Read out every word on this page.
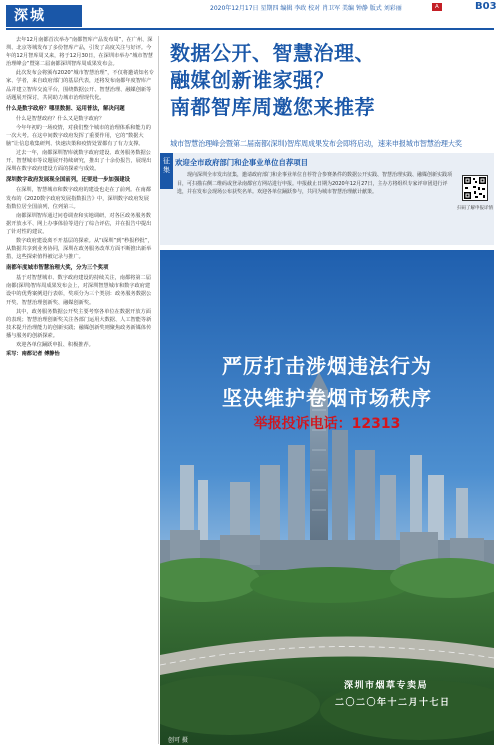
深城	2020年12月17日 星期四 编辑 李政 校对 肖卫军 美编 钟静 版式 刘彩丽	A	B03

去年12月南都首次举办“南都智库产品发布周”，在广州、深圳、北京等城发布了多份智库产品，引发了高度关注与好评。今年的12月智库周又来，将于12月30日，在深圳市举办“城市智慧治理峰会”暨第二届南都深圳智库周成果发布会。

此次发布会将颁布2020“城市智慧治理”，不仅将邀请知名专家、学者，来自政府部门的基层代表，还将发布南都年度智库产品并建立智库交流平台，围绕数据公开、智慧治理、融媒创新等话题展开探讨，共同助力城市治理现代化。

什么是数字政府？哪里数据、运用普法，解决问题

什么是智慧政府？什么又是数字政府？

今年年初的一场疫情，对我们整个城市的治理体系和能力的一次大考。在这中间数字政府发挥了重要作用，它的“数据大脑”让信息收集研判、快速决策和疫情处置都有了有力支撑。

过去一年，南都深圳智库就数字政府建设、政务服务数据公开、智慧城市等议题展开持续研究，推出了十余份报告，展现出深圳在数字政府建设方面的探索与成效。

深圳数字政府发展现全国前列，还要进一步加强建设

在深圳，智慧城市和数字政府的建设也走在了前列。在南都发布的《2020数字政府发展指数报告》中，深圳数字政府发展指数位居全国前列，位列第三。

南都深圳智库通过问卷调查和实地调研，对各区政务服务数据开放水平、网上办事体验等进行了综合评估，并在报告中提出了针对性的建议。

数字政府建设离不开基层的探索。从“i深圳”到“秒报秒批”，从数据共享到业务协同，深圳在政务服务改革方面不断推出新举措，这些探索值得被记录与推广。

南都年度城市智慧治理大奖，分为三个奖项

基于对智慧城市、数字政府建设的持续关注，南都将第二届南都(深圳)智库周成果发布会上，对深圳智慧城市和数字政府建设中的优秀案例进行表彰，奖项分为三个类别：政务服务数据公开奖、智慧治理创新奖、融媒创新奖。

其中，政务服务数据公开奖主要考察各单位在数据开放方面的表现；智慧治理创新奖关注各部门运用大数据、人工智能等新技术提升治理能力的创新实践；融媒创新奖则聚焦政务新媒体传播与服务的创新探索。

欢迎各单位踊跃申报、积极推荐。

采写：南都记者 傅静怡

数据公开、智慧治理、
融媒创新谁家强？
南都智库周邀您来推荐
城市智慧治理峰会暨第二届南都(深圳)智库周成果发布会即将启动，速来申报城市智慧治理大奖
征集
欢迎全市政府部门和企事业单位自荐项目
现向深圳全市发出征集，邀请政府部门和企事业单位自荐符合参赛条件的数据公开实践、智慧治理实践、融媒创新实践项目，可扫描右侧二维码或登录南都官方网站进行申报。申报截止日期为2020年12月27日，主办方将组织专家评审团进行评选，并在发布会现场公布获奖名单。欢迎各单位踊跃参与，共同为城市智慧治理献计献策。
扫码了解申报详情
严厉打击涉烟违法行为
坚决维护卷烟市场秩序
举报投诉电话：12313
深圳市烟草专卖局
二〇二〇年十二月十七日
创可 摄
